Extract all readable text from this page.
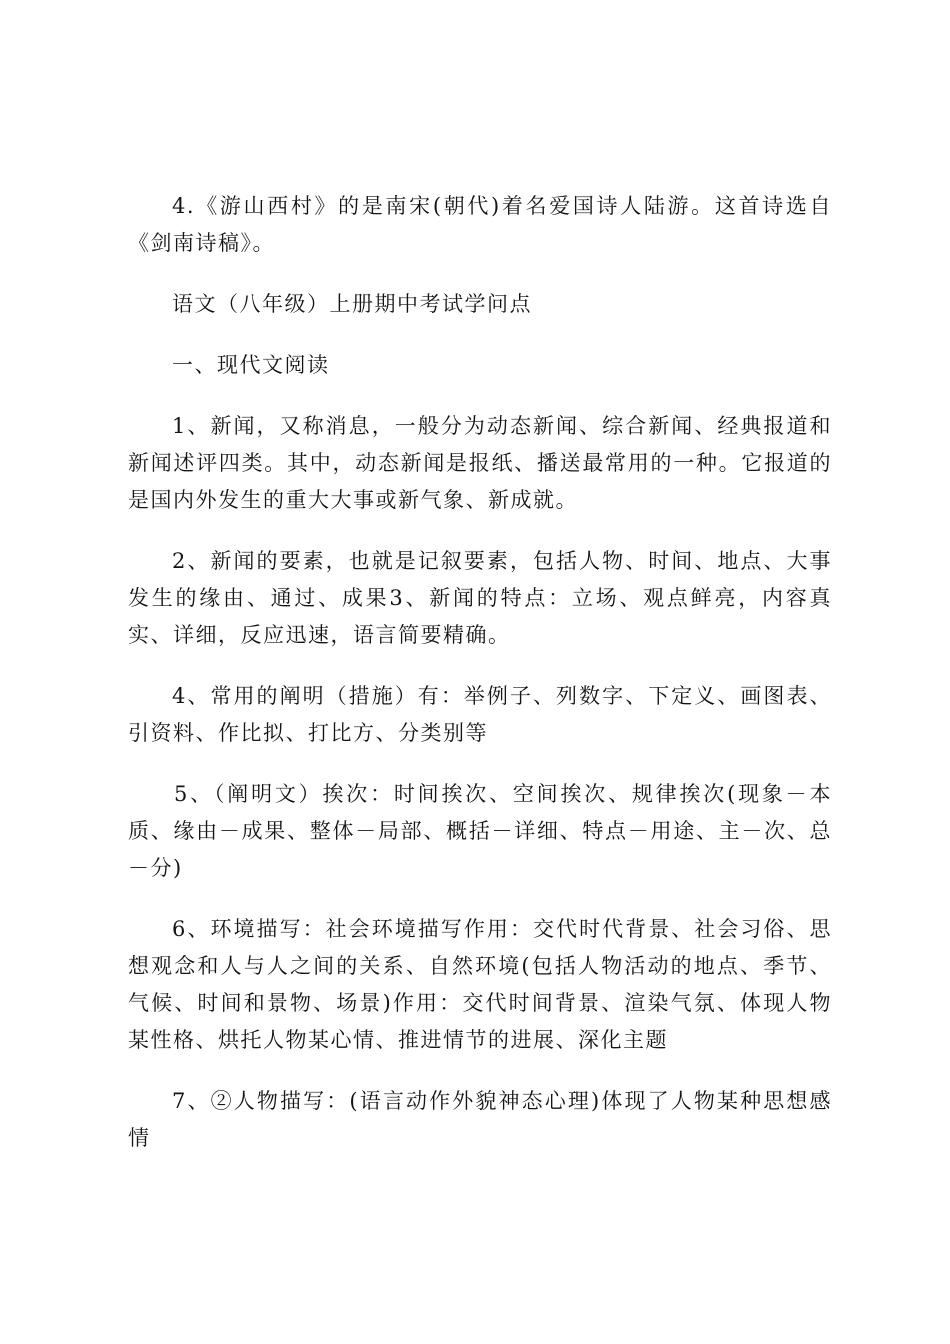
4.《游山西村》的是南宋(朝代)着名爱国诗人陆游。这首诗选自《剑南诗稿》。

语文（八年级）上册期中考试学问点

一、现代文阅读

1、新闻，又称消息，一般分为动态新闻、综合新闻、经典报道和新闻述评四类。其中，动态新闻是报纸、播送最常用的一种。它报道的是国内外发生的重大大事或新气象、新成就。

2、新闻的要素，也就是记叙要素，包括人物、时间、地点、大事发生的缘由、通过、成果3、新闻的特点：立场、观点鲜亮，内容真实、详细，反应迅速，语言简要精确。

4、常用的阐明（措施）有：举例子、列数字、下定义、画图表、引资料、作比拟、打比方、分类别等

5、（阐明文）挨次：时间挨次、空间挨次、规律挨次(现象－本质、缘由－成果、整体－局部、概括－详细、特点－用途、主－次、总－分)

6、环境描写：社会环境描写作用：交代时代背景、社会习俗、思想观念和人与人之间的关系、自然环境(包括人物活动的地点、季节、气候、时间和景物、场景)作用：交代时间背景、渲染气氛、体现人物某性格、烘托人物某心情、推进情节的进展、深化主题

7、②人物描写：(语言动作外貌神态心理)体现了人物某种思想感情
